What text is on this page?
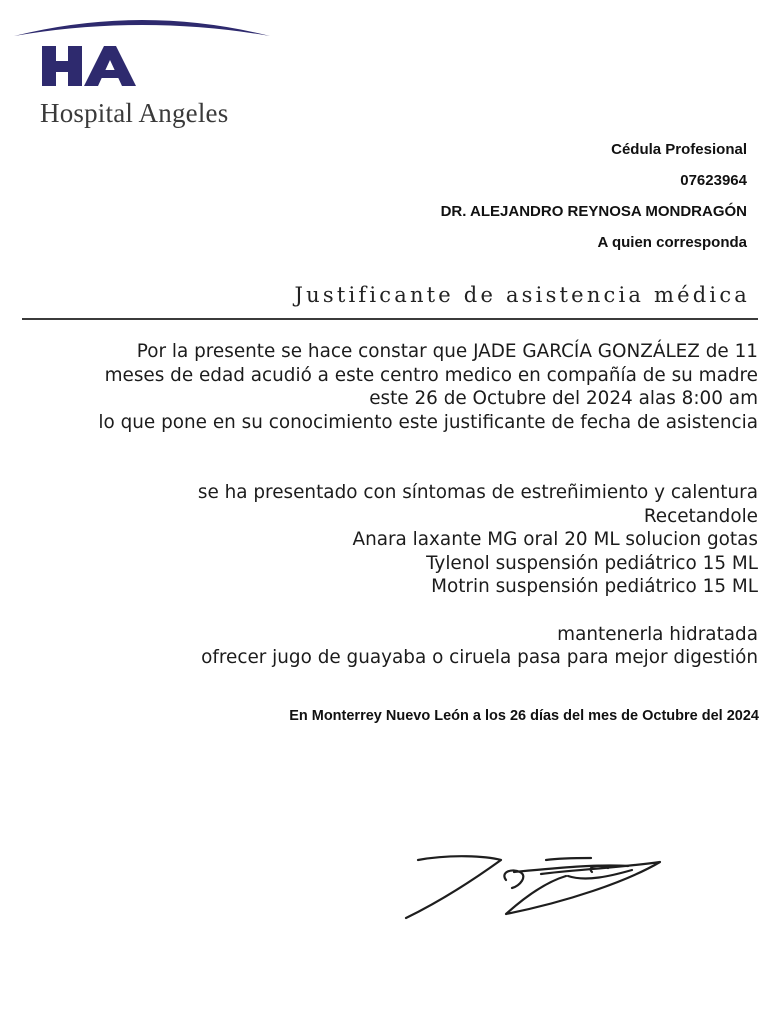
Hospital Angeles
Cédula Profesional
07623964
DR. ALEJANDRO REYNOSA MONDRAGÓN
A quien corresponda
Justificante de asistencia médica
Por la presente se hace constar que JADE GARCÍA GONZÁLEZ de 11
meses de edad acudió a este centro medico en compañía de su madre
este 26 de Octubre del 2024 alas 8:00 am
lo que pone en su conocimiento este justificante de fecha de asistencia
se ha presentado con síntomas de estreñimiento y calentura
Recetandole
Anara laxante MG oral 20 ML solucion gotas
Tylenol suspensión pediátrico 15 ML
Motrin suspensión pediátrico 15 ML
mantenerla hidratada
ofrecer jugo de guayaba o ciruela pasa para mejor digestión
En Monterrey Nuevo León a los 26 días del mes de Octubre del 2024
